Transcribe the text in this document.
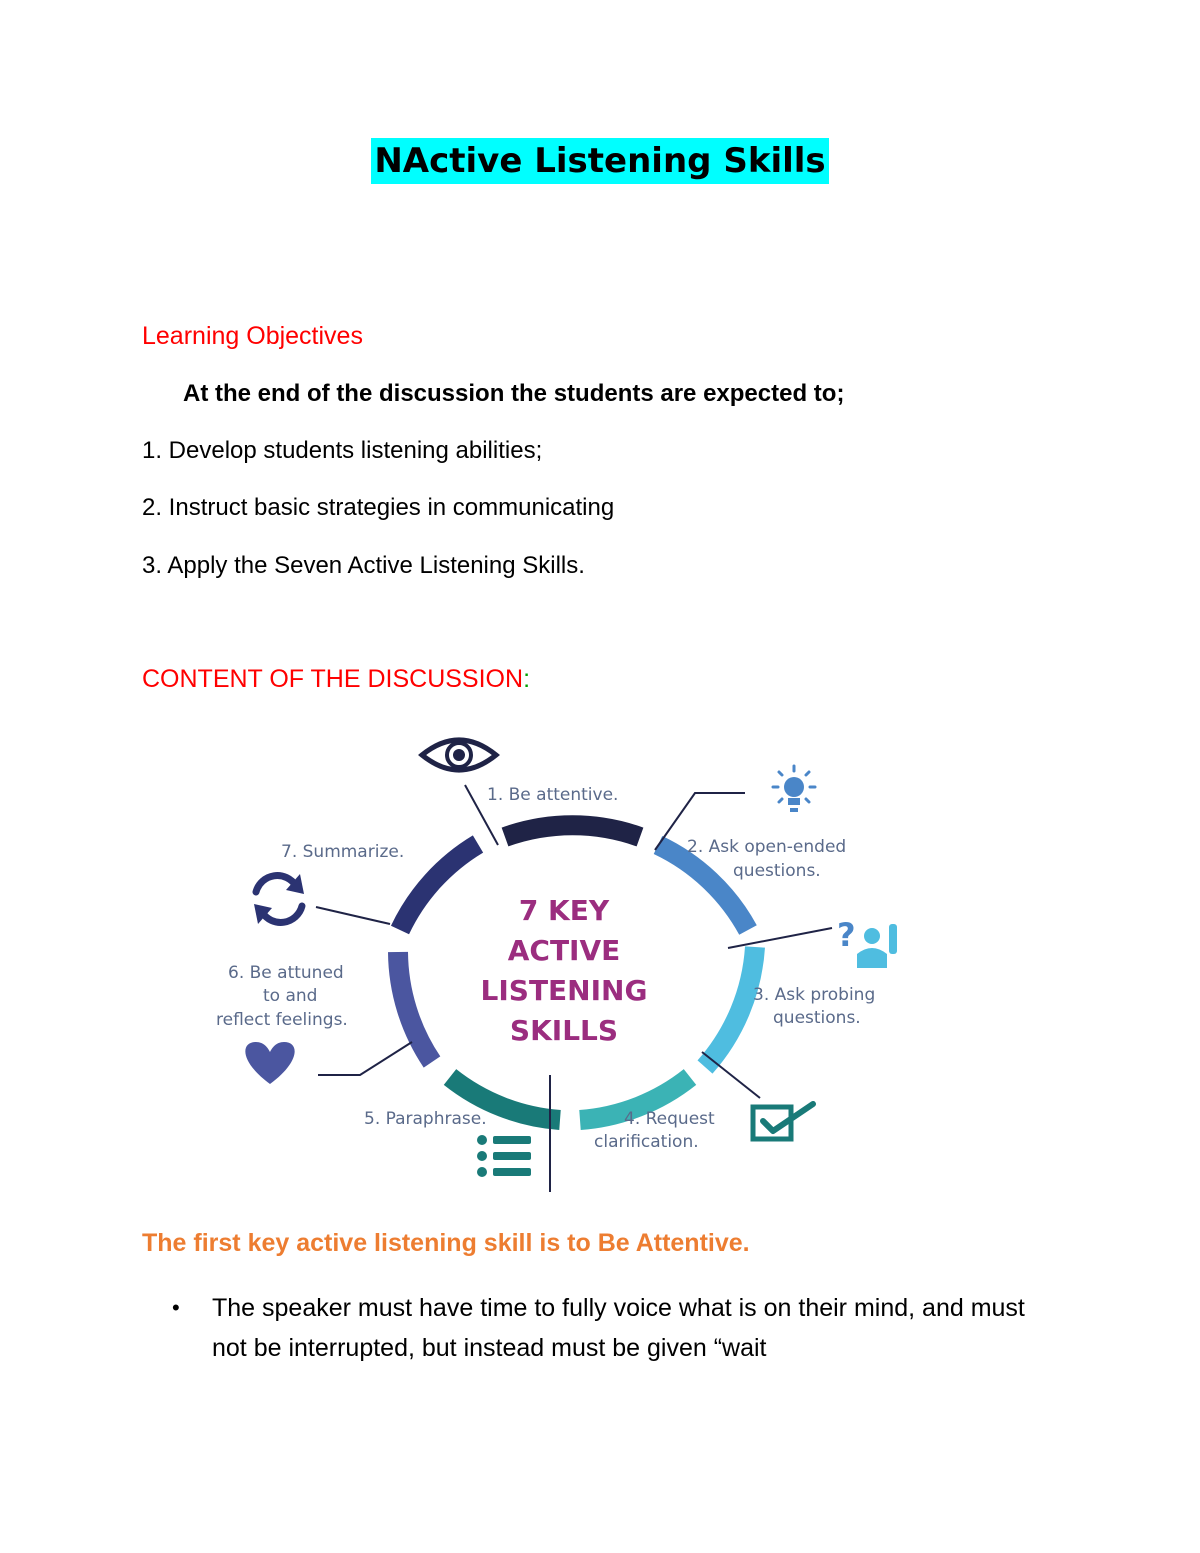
NActive Listening Skills
Learning Objectives
At the end of the discussion the students are expected to;
1. Develop students listening abilities;
2. Instruct basic strategies in communicating
3. Apply the Seven Active Listening Skills.
CONTENT OF THE DISCUSSION:
7 KEY
ACTIVE
LISTENING
SKILLS
1. Be attentive.
2. Ask open-ended
questions.
3. Ask probing
questions.
4. Request
clarification.
5. Paraphrase.
6. Be attuned
to and
reflect feelings.
7. Summarize.
?
The first key active listening skill is to Be Attentive.
• The speaker must have time to fully voice what is on their mind, and must not be interrupted, but instead must be given “wait
